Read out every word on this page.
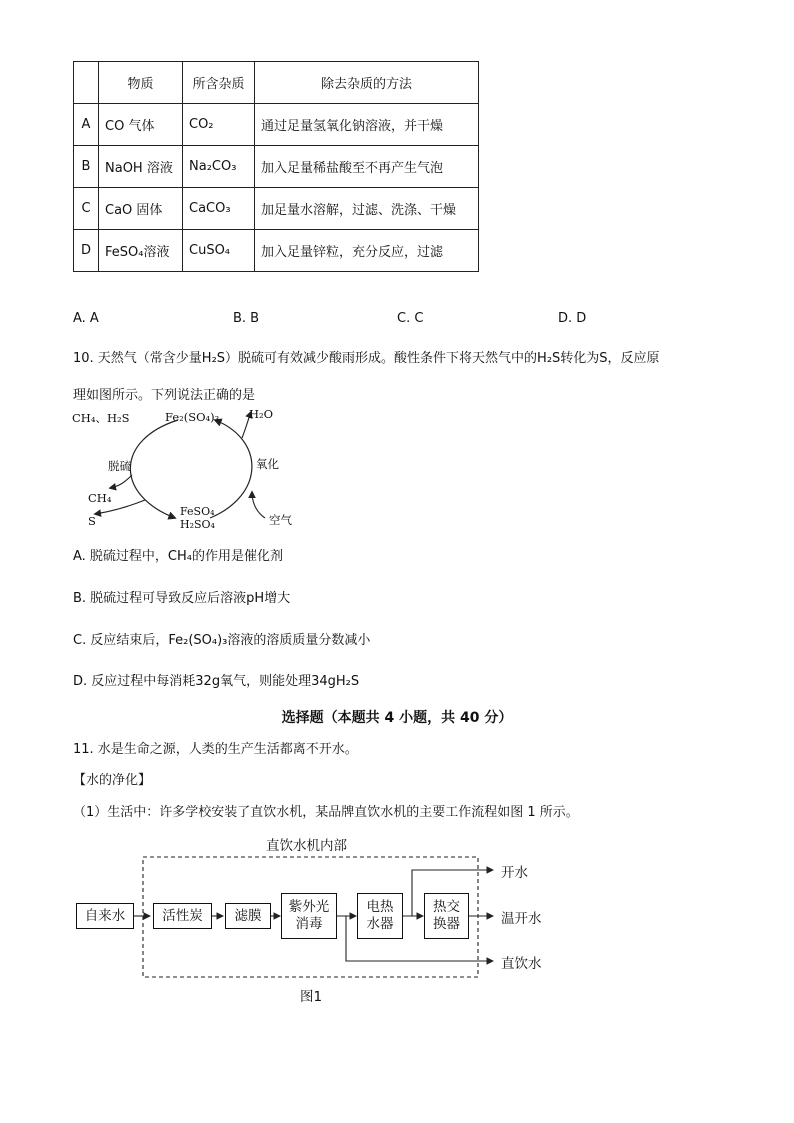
	物质	所含杂质	除去杂质的方法
A	CO 气体	CO₂	通过足量氢氧化钠溶液，并干燥
B	NaOH 溶液	Na₂CO₃	加入足量稀盐酸至不再产生气泡
C	CaO 固体	CaCO₃	加足量水溶解，过滤、洗涤、干燥
D	FeSO₄溶液	CuSO₄	加入足量锌粒，充分反应，过滤
A. A	B. B	C. C	D. D
10. 天然气（常含少量H₂S）脱硫可有效减少酸雨形成。酸性条件下将天然气中的H₂S转化为S，反应原
理如图所示。下列说法正确的是
CH₄、H₂S	Fe₂(SO₄)₃	H₂O
脱硫	氧化
CH₄
S
FeSO₄
H₂SO₄	空气
A. 脱硫过程中，CH₄的作用是催化剂
B. 脱硫过程可导致反应后溶液pH增大
C. 反应结束后，Fe₂(SO₄)₃溶液的溶质质量分数减小
D. 反应过程中每消耗32g氧气，则能处理34gH₂S
选择题（本题共 4 小题，共 40 分）
11. 水是生命之源，人类的生产生活都离不开水。
【水的净化】
（1）生活中：许多学校安装了直饮水机，某品牌直饮水机的主要工作流程如图 1 所示。
直饮水机内部
自来水	活性炭	滤膜
紫外光
消毒
电热
水器
热交
换器
开水
温开水
直饮水
图1
